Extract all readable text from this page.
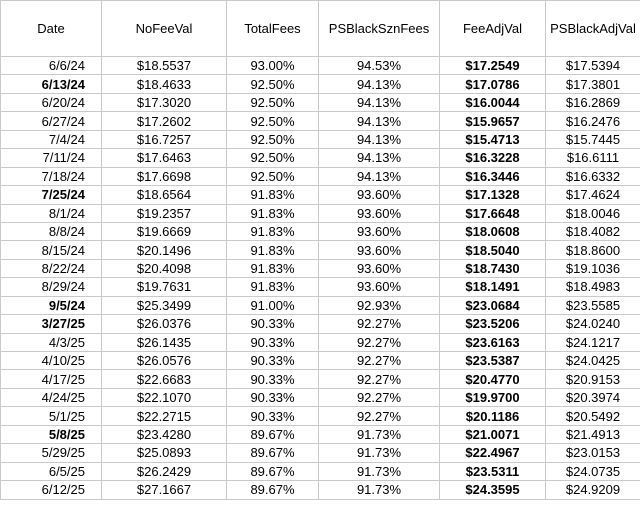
Date	NoFeeVal	TotalFees	PSBlackSznFees	FeeAdjVal	PSBlackAdjVal
6/6/24	$18.5537	93.00%	94.53%	$17.2549	$17.5394
6/13/24	$18.4633	92.50%	94.13%	$17.0786	$17.3801
6/20/24	$17.3020	92.50%	94.13%	$16.0044	$16.2869
6/27/24	$17.2602	92.50%	94.13%	$15.9657	$16.2476
7/4/24	$16.7257	92.50%	94.13%	$15.4713	$15.7445
7/11/24	$17.6463	92.50%	94.13%	$16.3228	$16.6111
7/18/24	$17.6698	92.50%	94.13%	$16.3446	$16.6332
7/25/24	$18.6564	91.83%	93.60%	$17.1328	$17.4624
8/1/24	$19.2357	91.83%	93.60%	$17.6648	$18.0046
8/8/24	$19.6669	91.83%	93.60%	$18.0608	$18.4082
8/15/24	$20.1496	91.83%	93.60%	$18.5040	$18.8600
8/22/24	$20.4098	91.83%	93.60%	$18.7430	$19.1036
8/29/24	$19.7631	91.83%	93.60%	$18.1491	$18.4983
9/5/24	$25.3499	91.00%	92.93%	$23.0684	$23.5585
3/27/25	$26.0376	90.33%	92.27%	$23.5206	$24.0240
4/3/25	$26.1435	90.33%	92.27%	$23.6163	$24.1217
4/10/25	$26.0576	90.33%	92.27%	$23.5387	$24.0425
4/17/25	$22.6683	90.33%	92.27%	$20.4770	$20.9153
4/24/25	$22.1070	90.33%	92.27%	$19.9700	$20.3974
5/1/25	$22.2715	90.33%	92.27%	$20.1186	$20.5492
5/8/25	$23.4280	89.67%	91.73%	$21.0071	$21.4913
5/29/25	$25.0893	89.67%	91.73%	$22.4967	$23.0153
6/5/25	$26.2429	89.67%	91.73%	$23.5311	$24.0735
6/12/25	$27.1667	89.67%	91.73%	$24.3595	$24.9209
